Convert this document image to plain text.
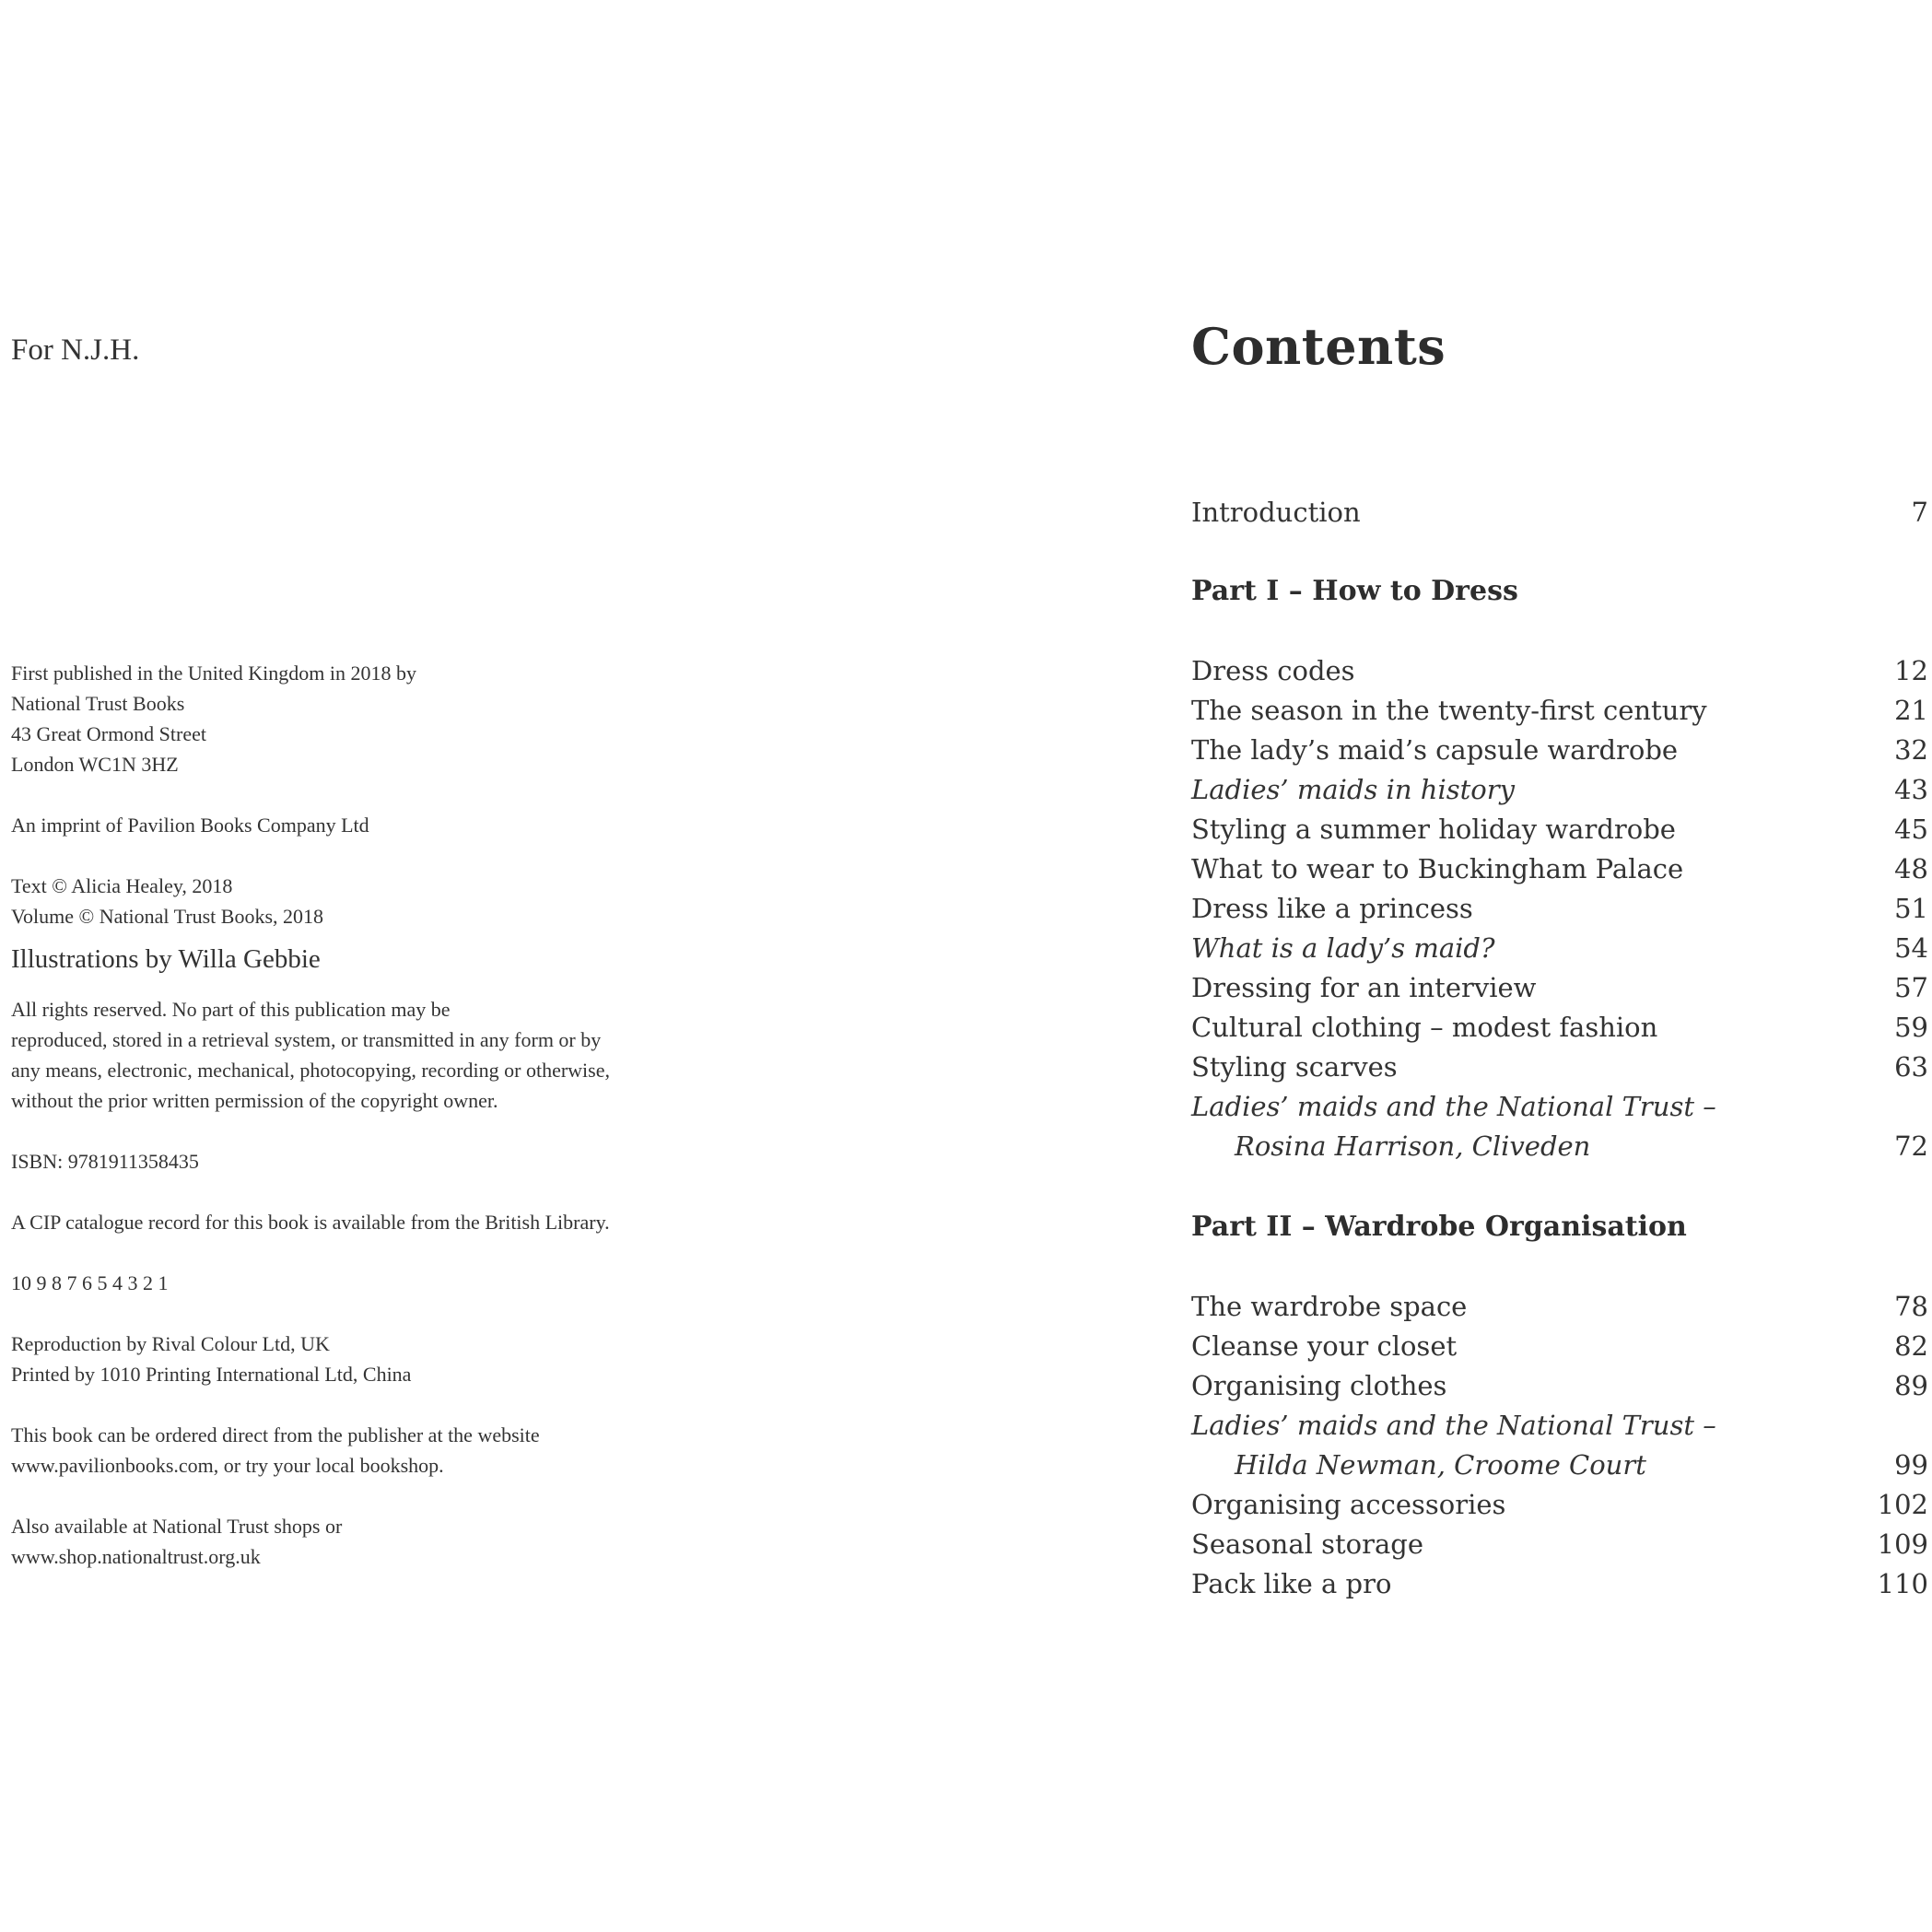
For N.J.H.
First published in the United Kingdom in 2018 by
National Trust Books
43 Great Ormond Street
London WC1N 3HZ
An imprint of Pavilion Books Company Ltd
Text © Alicia Healey, 2018
Volume © National Trust Books, 2018
Illustrations by Willa Gebbie
All rights reserved. No part of this publication may be
reproduced, stored in a retrieval system, or transmitted in any form or by
any means, electronic, mechanical, photocopying, recording or otherwise,
without the prior written permission of the copyright owner.
ISBN: 9781911358435
A CIP catalogue record for this book is available from the British Library.
10 9 8 7 6 5 4 3 2 1
Reproduction by Rival Colour Ltd, UK
Printed by 1010 Printing International Ltd, China
This book can be ordered direct from the publisher at the website
www.pavilionbooks.com, or try your local bookshop.
Also available at National Trust shops or
www.shop.nationaltrust.org.uk
Contents
Introduction	7
Part I – How to Dress
Dress codes	12
The season in the twenty-first century	21
The lady’s maid’s capsule wardrobe	32
Ladies’ maids in history	43
Styling a summer holiday wardrobe	45
What to wear to Buckingham Palace	48
Dress like a princess	51
What is a lady’s maid?	54
Dressing for an interview	57
Cultural clothing – modest fashion	59
Styling scarves	63
Ladies’ maids and the National Trust –
Rosina Harrison, Cliveden	72
Part II – Wardrobe Organisation
The wardrobe space	78
Cleanse your closet	82
Organising clothes	89
Ladies’ maids and the National Trust –
Hilda Newman, Croome Court	99
Organising accessories	102
Seasonal storage	109
Pack like a pro	110
